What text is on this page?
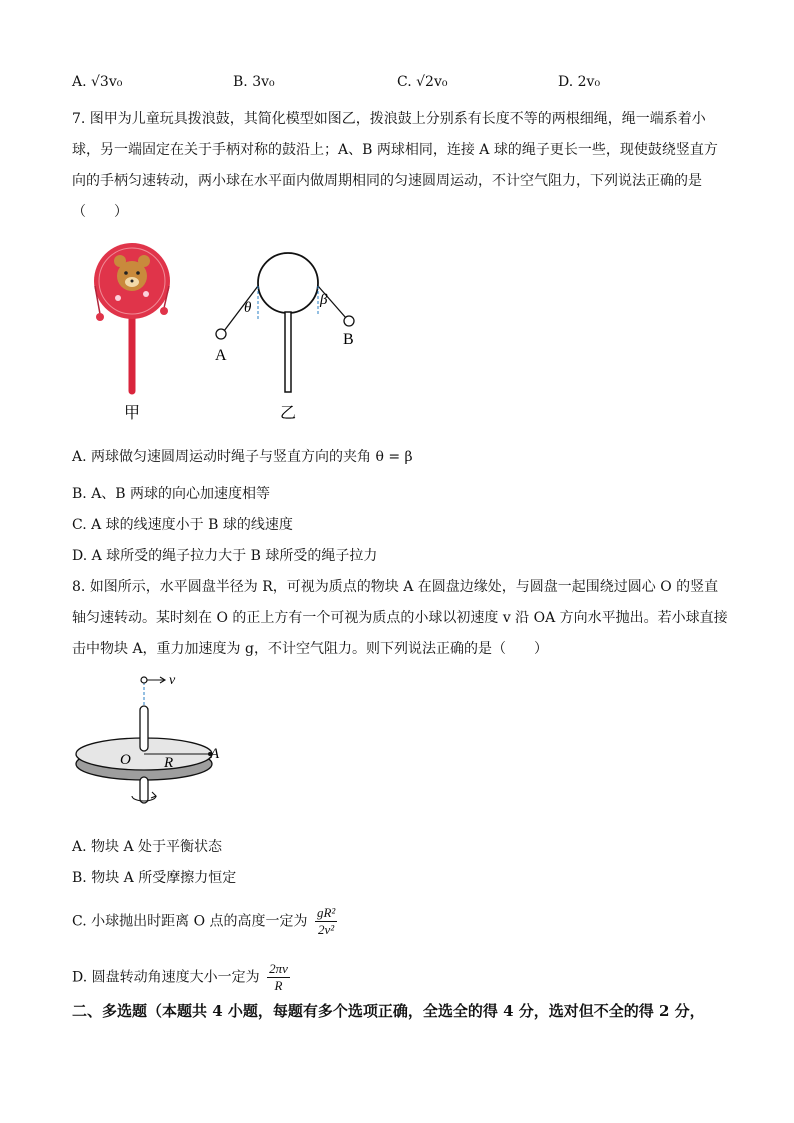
A. √3v₀	B. 3v₀	C. √2v₀	D. 2v₀
7. 图甲为儿童玩具拨浪鼓，其简化模型如图乙，拨浪鼓上分别系有长度不等的两根细绳，绳一端系着小
球，另一端固定在关于手柄对称的鼓沿上；A、B 两球相同，连接 A 球的绳子更长一些，现使鼓绕竖直方
向的手柄匀速转动，两小球在水平面内做周期相同的匀速圆周运动，不计空气阻力，下列说法正确的是
（　　）
甲
θ	β
A
B
乙
A. 两球做匀速圆周运动时绳子与竖直方向的夹角 θ = β
B. A、B 两球的向心加速度相等
C. A 球的线速度小于 B 球的线速度
D. A 球所受的绳子拉力大于 B 球所受的绳子拉力
8. 如图所示，水平圆盘半径为 R，可视为质点的物块 A 在圆盘边缘处，与圆盘一起围绕过圆心 O 的竖直
轴匀速转动。某时刻在 O 的正上方有一个可视为质点的小球以初速度 v 沿 OA 方向水平抛出。若小球直接
击中物块 A，重力加速度为 g，不计空气阻力。则下列说法正确的是（　　）
v
O R
A
A. 物块 A 处于平衡状态
B. 物块 A 所受摩擦力恒定
C. 小球抛出时距离 O 点的高度一定为 $\frac{\text{gR²}}{\text{2v²}}$
D. 圆盘转动角速度大小一定为 $\frac{2\pi v}{R}$
二、多选题（本题共 4 小题，每题有多个选项正确，全选全的得 4 分，选对但不全的得 2 分，
